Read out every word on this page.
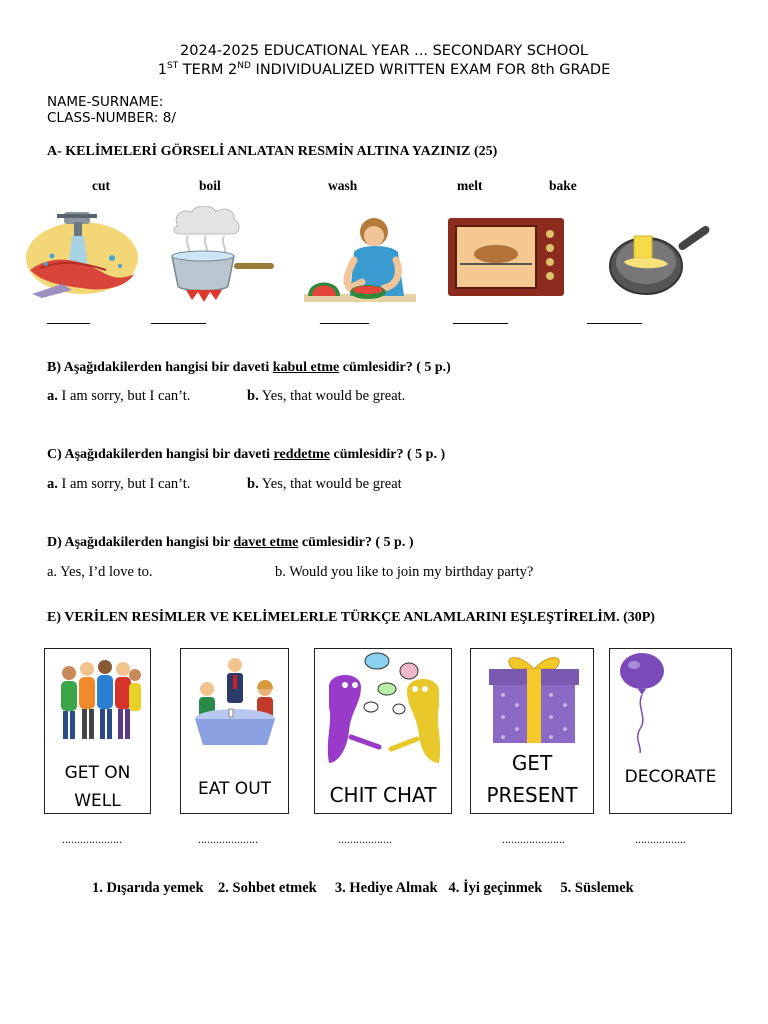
2024-2025 EDUCATIONAL YEAR ... SECONDARY SCHOOL
1ST TERM 2ND INDIVIDUALIZED WRITTEN EXAM FOR 8th GRADE
NAME-SURNAME:
CLASS-NUMBER: 8/
A- KELİMELERİ GÖRSELİ ANLATAN RESMİN ALTINA YAZINIZ (25)
cut	boil	wash	melt	bake
_______	_________	________	_________	_________
B) Aşağıdakilerden hangisi bir daveti kabul etme cümlesidir? ( 5 p.)
a. I am sorry, but I can’t.	b. Yes, that would be great.
C) Aşağıdakilerden hangisi bir daveti reddetme cümlesidir? ( 5 p. )
a. I am sorry, but I can’t.	b. Yes, that would be great
D) Aşağıdakilerden hangisi bir davet etme cümlesidir? ( 5 p. )
a. Yes, I’d love to.	b. Would you like to join my birthday party?
E) VERİLEN RESİMLER VE KELİMELERLE TÜRKÇE ANLAMLARINI EŞLEŞTİRELİM. (30P)
GET ON
WELL
EAT OUT	CHIT CHAT
GET
PRESENT
DECORATE
....................	....................	..................	.....................	.................
1. Dışarıda yemek    2. Sohbet etmek     3. Hediye Almak   4. İyi geçinmek     5. Süslemek
